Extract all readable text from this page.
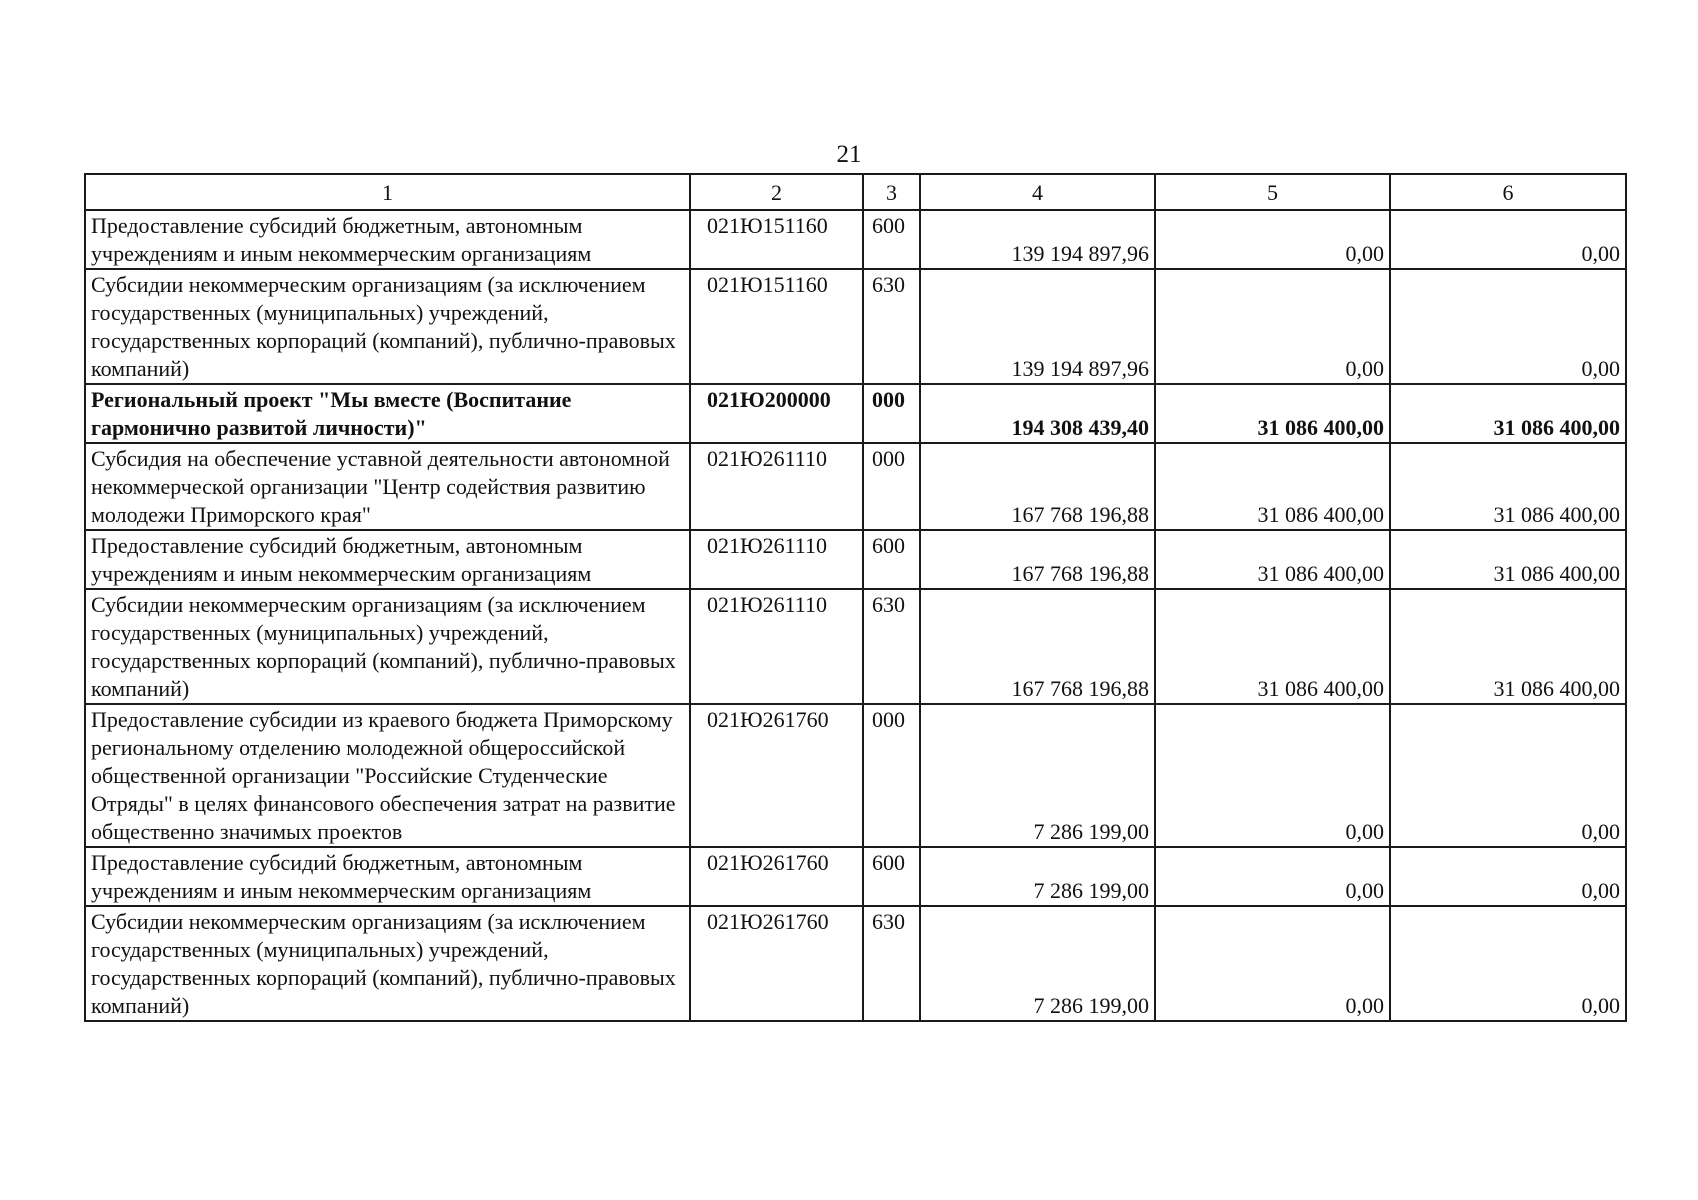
21
1	2	3	4	5	6
Предоставление субсидий бюджетным, автономным учреждениям и иным некоммерческим организациям	021Ю151160	600	139 194 897,96	0,00	0,00
Субсидии некоммерческим организациям (за исключением государственных (муниципальных) учреждений, государственных корпораций (компаний), публично-правовых компаний)	021Ю151160	630	139 194 897,96	0,00	0,00
Региональный проект "Мы вместе (Воспитание гармонично развитой личности)"	021Ю200000	000	194 308 439,40	31 086 400,00	31 086 400,00
Субсидия на обеспечение уставной деятельности автономной некоммерческой организации "Центр содействия развитию молодежи Приморского края"	021Ю261110	000	167 768 196,88	31 086 400,00	31 086 400,00
Предоставление субсидий бюджетным, автономным учреждениям и иным некоммерческим организациям	021Ю261110	600	167 768 196,88	31 086 400,00	31 086 400,00
Субсидии некоммерческим организациям (за исключением государственных (муниципальных) учреждений, государственных корпораций (компаний), публично-правовых компаний)	021Ю261110	630	167 768 196,88	31 086 400,00	31 086 400,00
Предоставление субсидии из краевого бюджета Приморскому региональному отделению молодежной общероссийской общественной организации "Российские Студенческие Отряды" в целях финансового обеспечения затрат на развитие общественно значимых проектов	021Ю261760	000	7 286 199,00	0,00	0,00
Предоставление субсидий бюджетным, автономным учреждениям и иным некоммерческим организациям	021Ю261760	600	7 286 199,00	0,00	0,00
Субсидии некоммерческим организациям (за исключением государственных (муниципальных) учреждений, государственных корпораций (компаний), публично-правовых компаний)	021Ю261760	630	7 286 199,00	0,00	0,00
